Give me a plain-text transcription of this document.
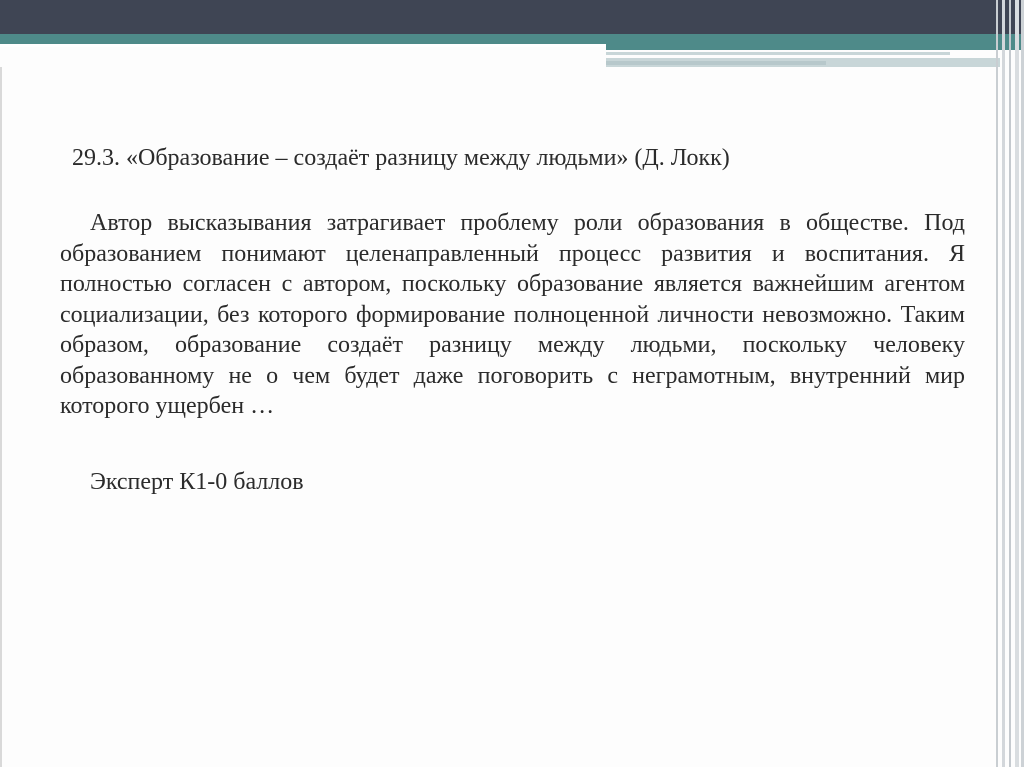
29.3. «Образование – создаёт разницу между людьми» (Д. Локк)

Автор высказывания затрагивает проблему роли образования в обществе. Под образованием понимают целенаправленный процесс развития и воспитания. Я полностью согласен с автором, поскольку образование является важнейшим агентом социализации, без которого формирование полноценной личности невозможно. Таким образом, образование создаёт разницу между людьми, поскольку человеку образованному не о чем будет даже поговорить с неграмотным, внутренний мир которого ущербен …

Эксперт К1-0 баллов
